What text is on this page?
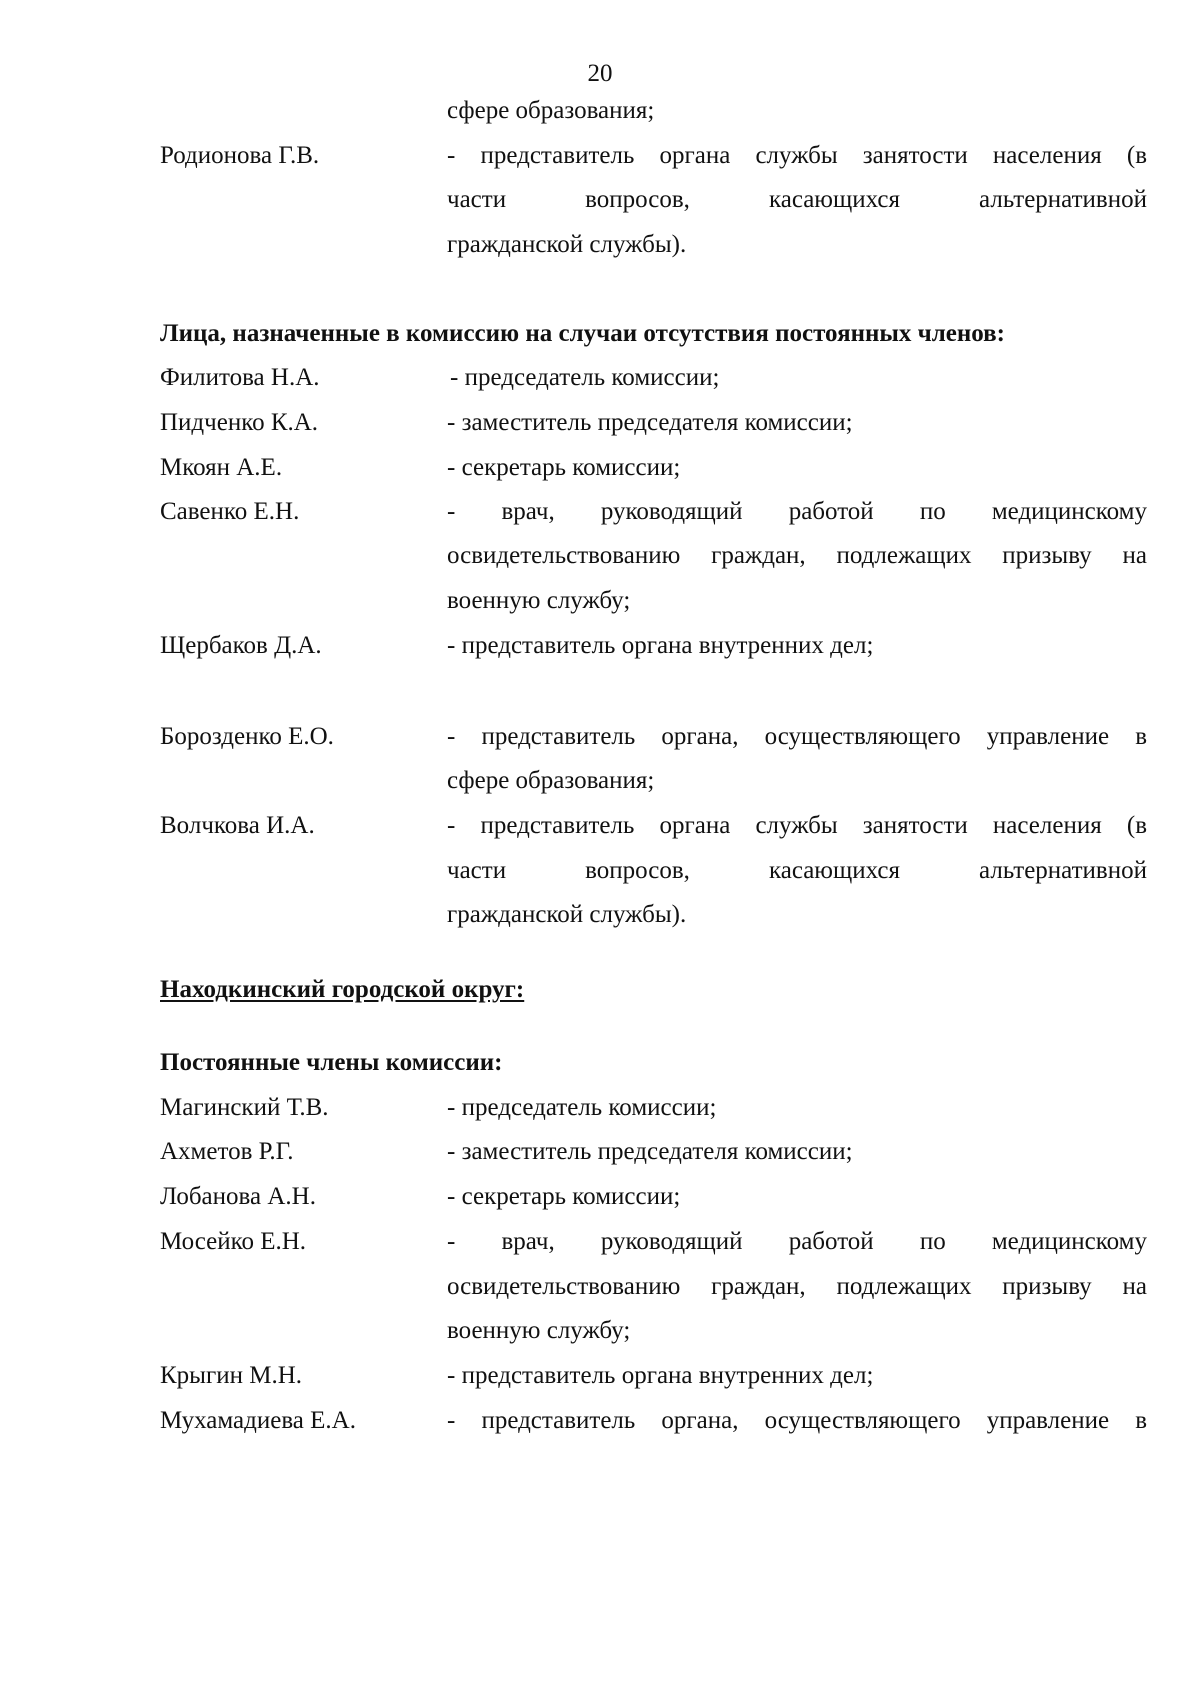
20
сфере образования;
Родионова Г.В.	- представитель органа службы занятости населения (в
части вопросов, касающихся альтернативной
гражданской службы).
Лица, назначенные в комиссию на случаи отсутствия постоянных членов:
Филитова Н.А.	- председатель комиссии;
Пидченко К.А.	- заместитель председателя комиссии;
Мкоян А.Е.	- секретарь комиссии;
Савенко Е.Н.	- врач, руководящий работой по медицинскому
освидетельствованию граждан, подлежащих призыву на
военную службу;
Щербаков Д.А.	- представитель органа внутренних дел;
Борозденко Е.О.	- представитель органа, осуществляющего управление в
сфере образования;
Волчкова И.А.	- представитель органа службы занятости населения (в
части вопросов, касающихся альтернативной
гражданской службы).
Находкинский городской округ:
Постоянные члены комиссии:
Магинский Т.В.	- председатель комиссии;
Ахметов Р.Г.	- заместитель председателя комиссии;
Лобанова А.Н.	- секретарь комиссии;
Мосейко Е.Н.	- врач, руководящий работой по медицинскому
освидетельствованию граждан, подлежащих призыву на
военную службу;
Крыгин М.Н.	- представитель органа внутренних дел;
Мухамадиева Е.А.	- представитель органа, осуществляющего управление в
